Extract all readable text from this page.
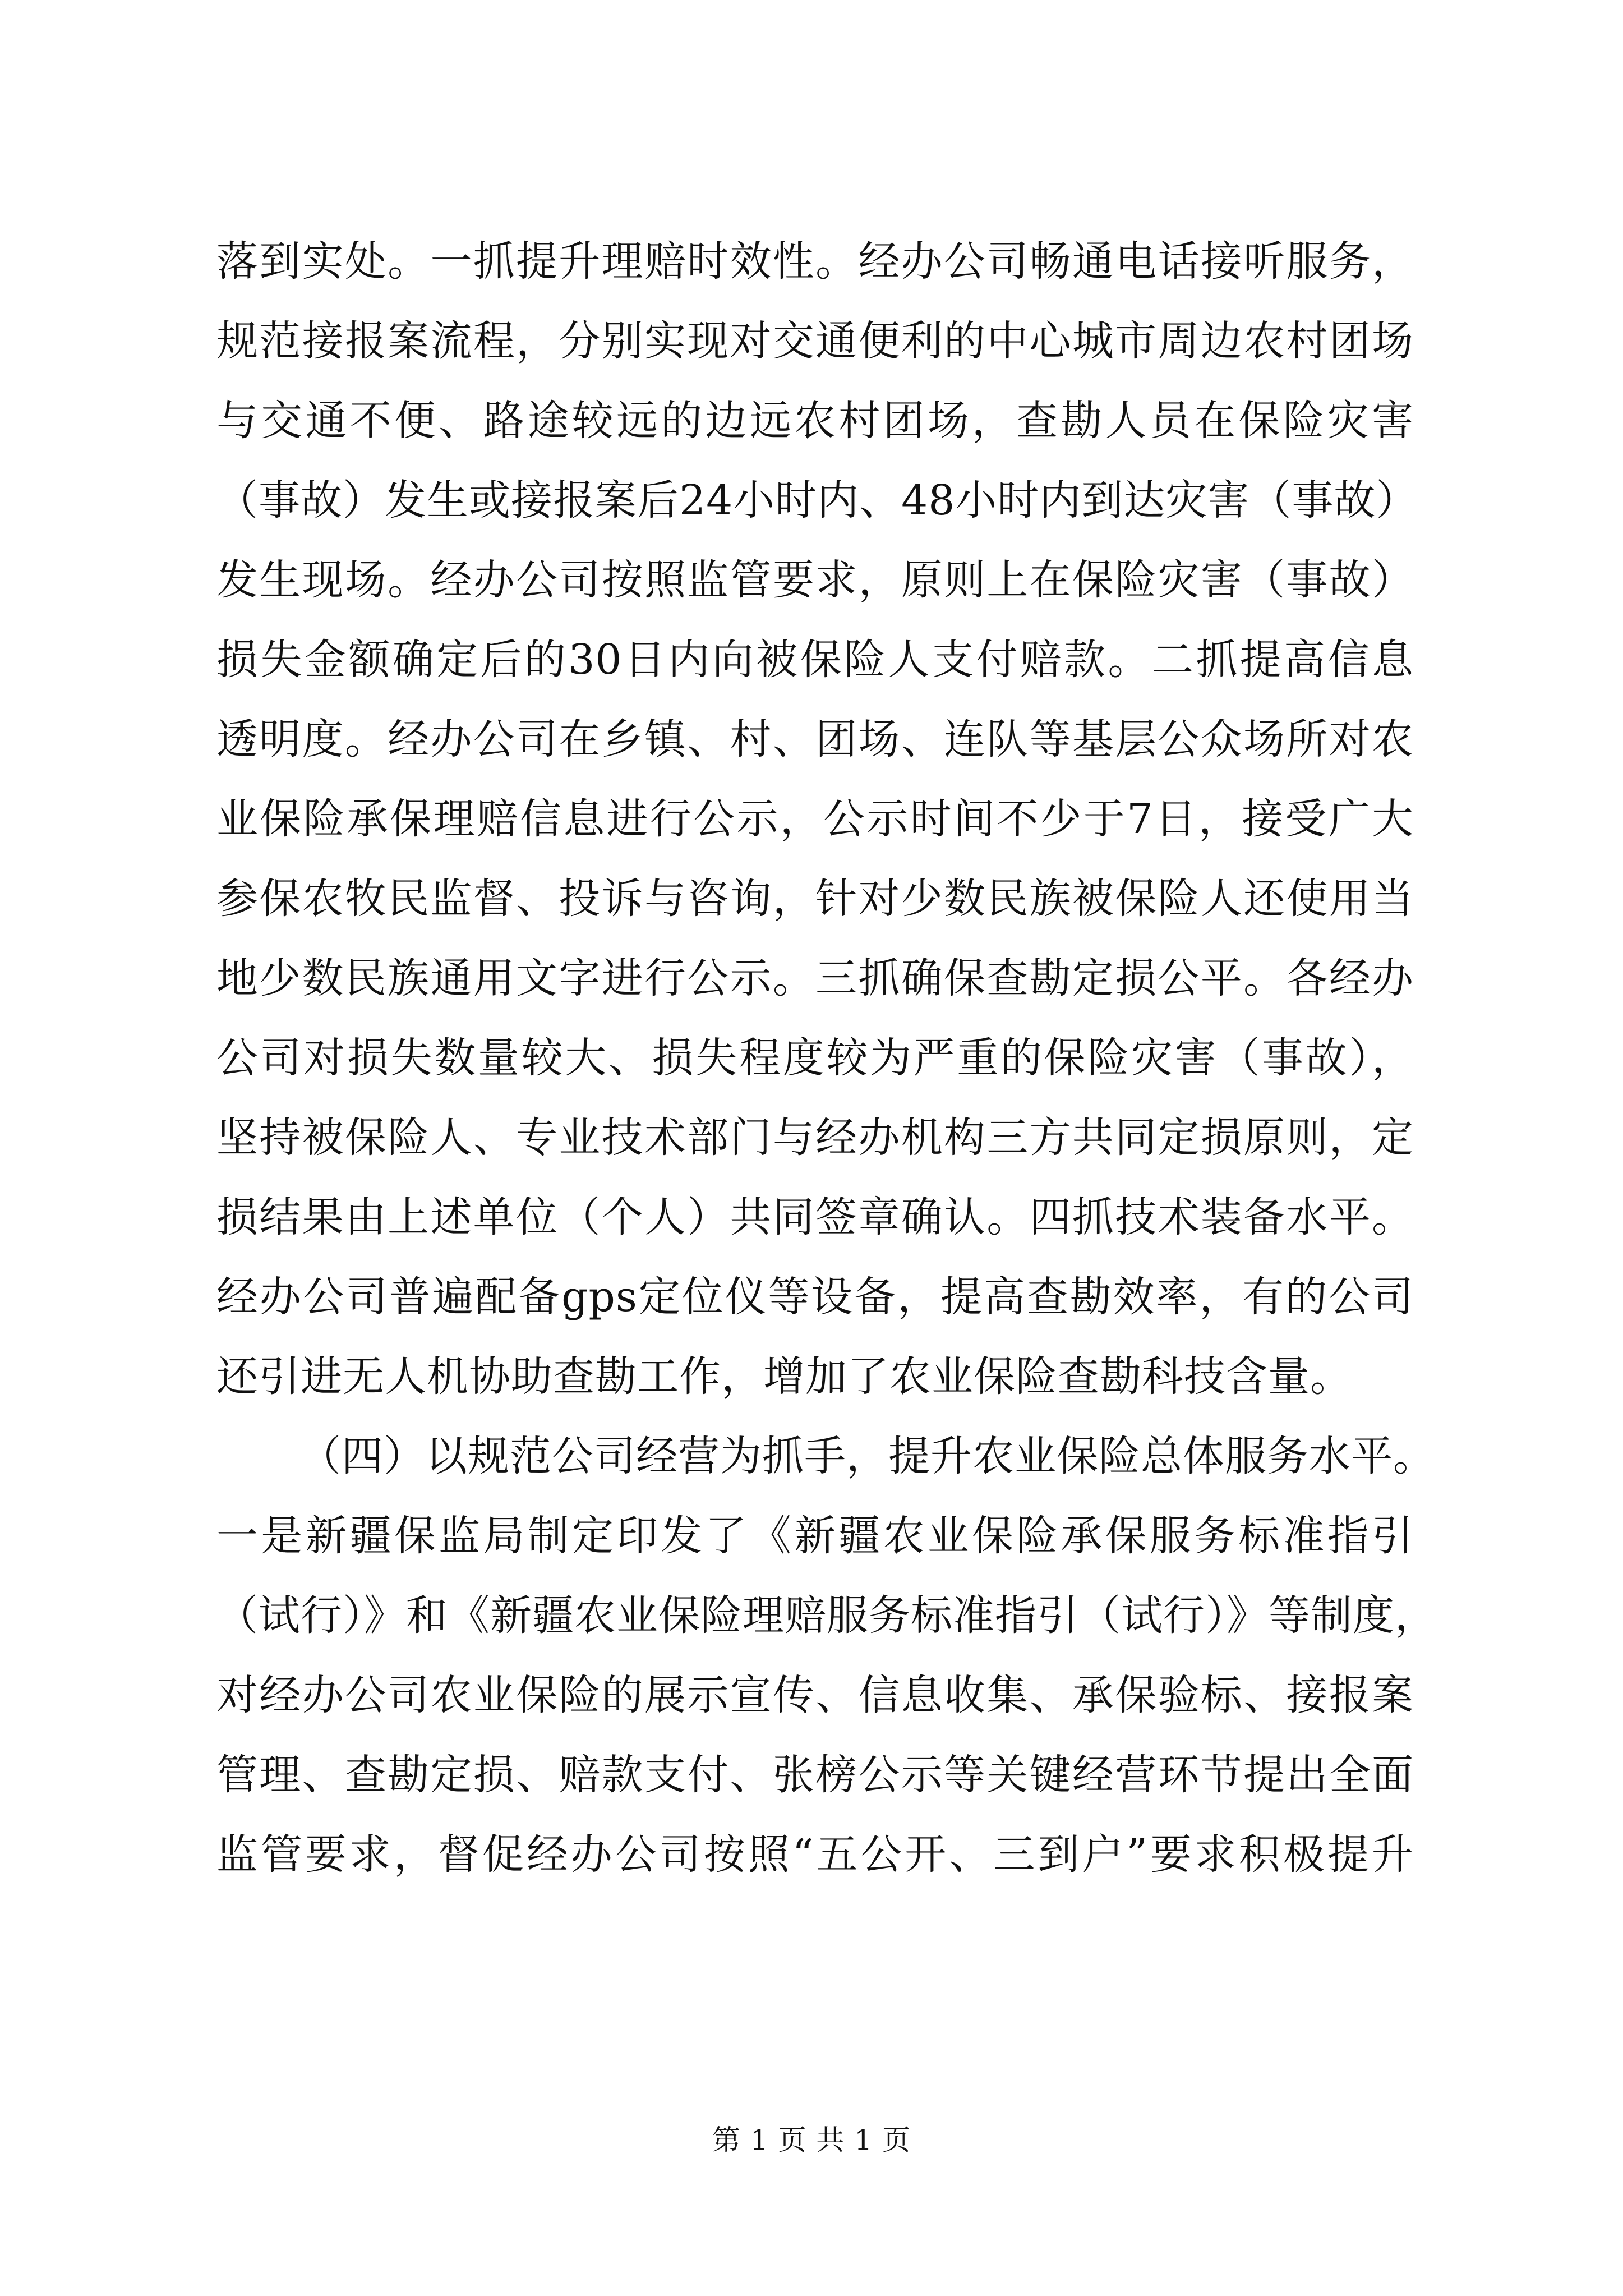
落到实处。一抓提升理赔时效性。经办公司畅通电话接听服务，
规范接报案流程，分别实现对交通便利的中心城市周边农村团场
与交通不便、路途较远的边远农村团场，查勘人员在保险灾害
（事故）发生或接报案后24小时内、48小时内到达灾害（事故）
发生现场。经办公司按照监管要求，原则上在保险灾害（事故）
损失金额确定后的30日内向被保险人支付赔款。二抓提高信息
透明度。经办公司在乡镇、村、团场、连队等基层公众场所对农
业保险承保理赔信息进行公示，公示时间不少于7日，接受广大
参保农牧民监督、投诉与咨询，针对少数民族被保险人还使用当
地少数民族通用文字进行公示。三抓确保查勘定损公平。各经办
公司对损失数量较大、损失程度较为严重的保险灾害（事故），
坚持被保险人、专业技术部门与经办机构三方共同定损原则，定
损结果由上述单位（个人）共同签章确认。四抓技术装备水平。
经办公司普遍配备gps定位仪等设备，提高查勘效率，有的公司
还引进无人机协助查勘工作，增加了农业保险查勘科技含量。
（四）以规范公司经营为抓手，提升农业保险总体服务水平。
一是新疆保监局制定印发了《新疆农业保险承保服务标准指引
（试行）》和《新疆农业保险理赔服务标准指引（试行）》等制度，
对经办公司农业保险的展示宣传、信息收集、承保验标、接报案
管理、查勘定损、赔款支付、张榜公示等关键经营环节提出全面
监管要求，督促经办公司按照“五公开、三到户”要求积极提升
第 1 页 共 1 页
